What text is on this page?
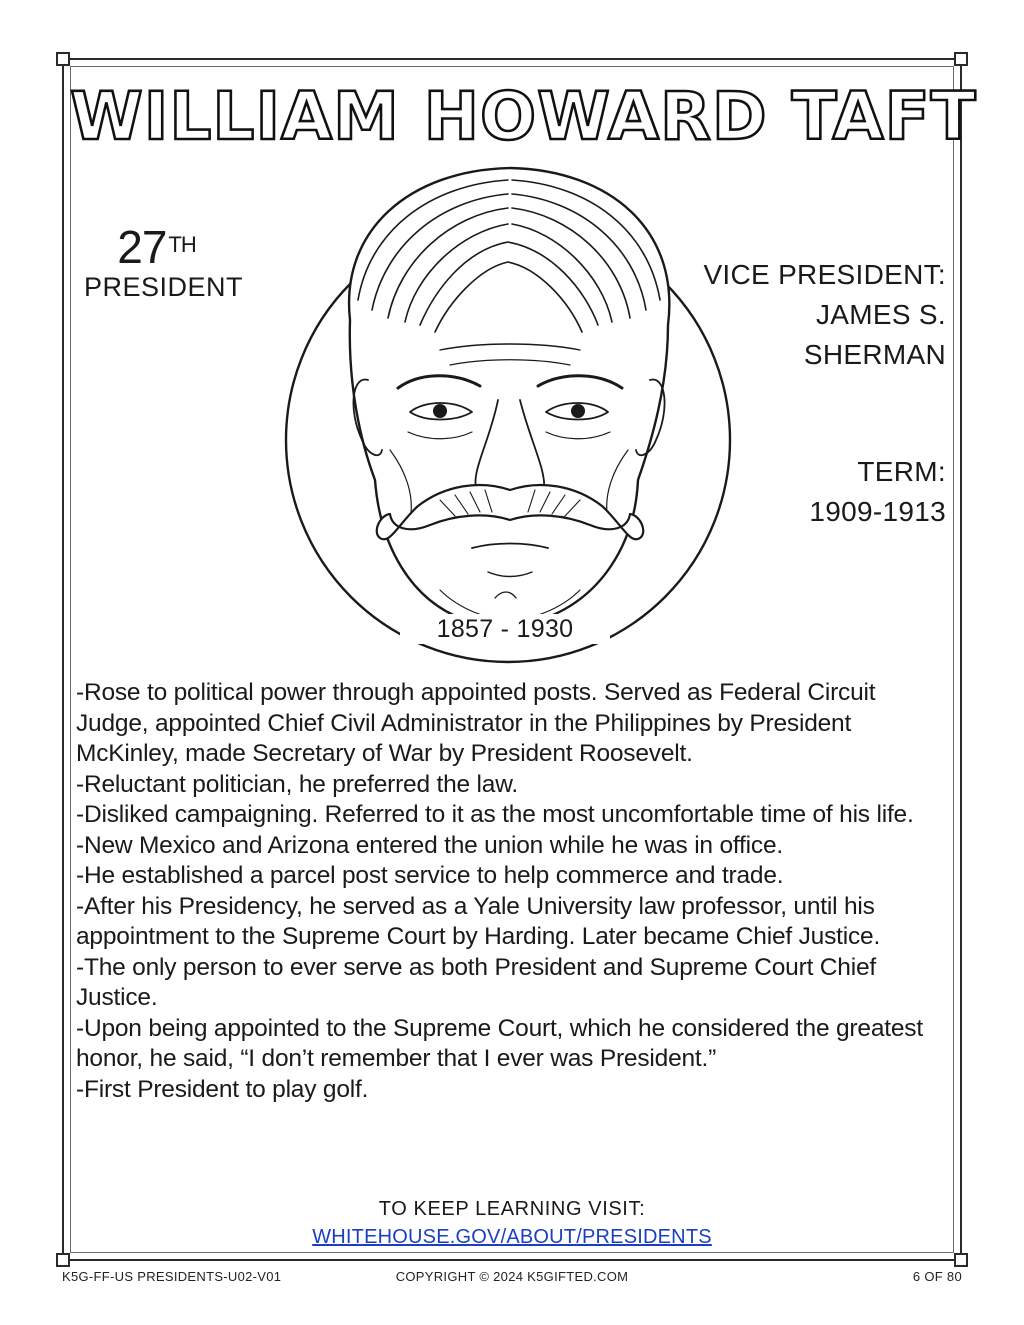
WILLIAM HOWARD TAFT
27TH
PRESIDENT	VICE PRESIDENT:
JAMES S.
SHERMAN
TERM:
1909-1913
1857 - 1930
-Rose to political power through appointed posts. Served as Federal Circuit
Judge, appointed Chief Civil Administrator in the Philippines by President
McKinley, made Secretary of War by President Roosevelt.
-Reluctant politician, he preferred the law.
-Disliked campaigning. Referred to it as the most uncomfortable time of his life.
-New Mexico and Arizona entered the union while he was in office.
-He established a parcel post service to help commerce and trade.
-After his Presidency, he served as a Yale University law professor, until his
appointment to the Supreme Court by Harding. Later became Chief Justice.
-The only person to ever serve as both President and Supreme Court Chief
Justice.
-Upon being appointed to the Supreme Court, which he considered the greatest
honor, he said, “I don’t remember that I ever was President.”
-First President to play golf.
TO KEEP LEARNING VISIT:
WHITEHOUSE.GOV/ABOUT/PRESIDENTS
K5G-FF-US PRESIDENTS-U02-V01	COPYRIGHT © 2024 K5GIFTED.COM	6 OF 80
